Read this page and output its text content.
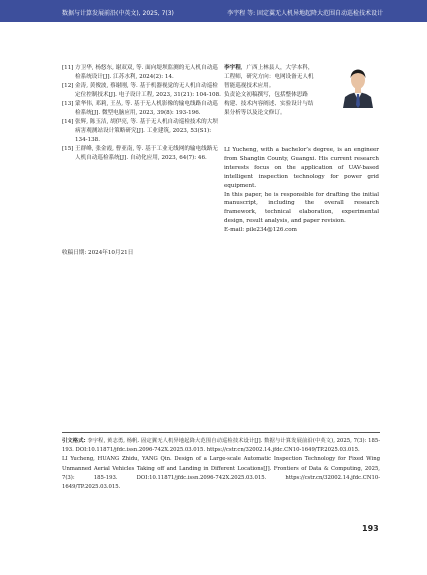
数据与计算发展前沿(中英文), 2025, 7(3)	李宇程 等: 固定翼无人机异地起降大范围自动巡检技术设计
[11] 方卫华, 杨悠东, 谢双双, 等. 面向堤坝监测的无人机自动巡检系统设计[J]. 江苏水利, 2024(2): 14.
[12] 金涛, 黄俊波, 蔡谢刚, 等. 基于机器视觉的无人机自动巡检定位控制技术[J]. 电子设计工程, 2023, 31(21): 104-108.
[13] 蒙华伟, 邓莉, 王丛, 等. 基于无人机影像的输电线路自动巡检系统[J]. 微型电脑应用, 2023, 39(8): 193-196.
[14] 张辉, 陈玉洁, 胡伊亮, 等. 基于无人机自动巡检技术的大坝病害观测站设计策略研究[J]. 工业建筑, 2023, 53(S1): 134-138.
[15] 王群峰, 张金霞, 曹亚南, 等. 基于工业无线网的输电线路无人机自动巡检系统[J]. 自动化应用, 2023, 64(7): 46.
收稿日期: 2024年10月21日
李宇程，广西上林县人，大学本科，
工程师，研究方向：电网设备无人机
智能巡视技术应用。
负责论文初稿撰写，包括整体思路
构建、技术内容阐述、实验设计与结
果分析等以及论文修订。
LI Yucheng, with a bachelor’s degree, is an engineer from Shanglin County, Guangxi. His current research interests focus on the application of UAV-based intelligent inspection technology for power grid equipment.
In this paper, he is responsible for drafting the initial manuscript, including the overall research framework, technical elaboration, experimental design, result analysis, and paper revision.
E-mail: pile234@126.com
引文格式: 李宇程, 黄志勇, 杨帆. 固定翼无人机异地起降大范围自动巡检技术设计[J]. 数据与计算发展前沿(中英文), 2025, 7(3): 185-193. DOI:10.11871/jfdc.issn.2096-742X.2025.03.015. https://cstr.cn/32002.14.jfdc.CN10-1649/TP.2025.03.015.
LI Yucheng, HUANG Zhidu, YANG Qin. Design of a Large-scale Automatic Inspection Technology for Fixed Wing Unmanned Aerial Vehicles Taking off and Landing in Different Locations[J]. Frontiers of Data & Computing, 2025, 7(3): 185-193. DOI:10.11871/jfdc.issn.2096-742X.2025.03.015. https://cstr.cn/32002.14.jfdc.CN10-1649/TP.2025.03.015.
193
